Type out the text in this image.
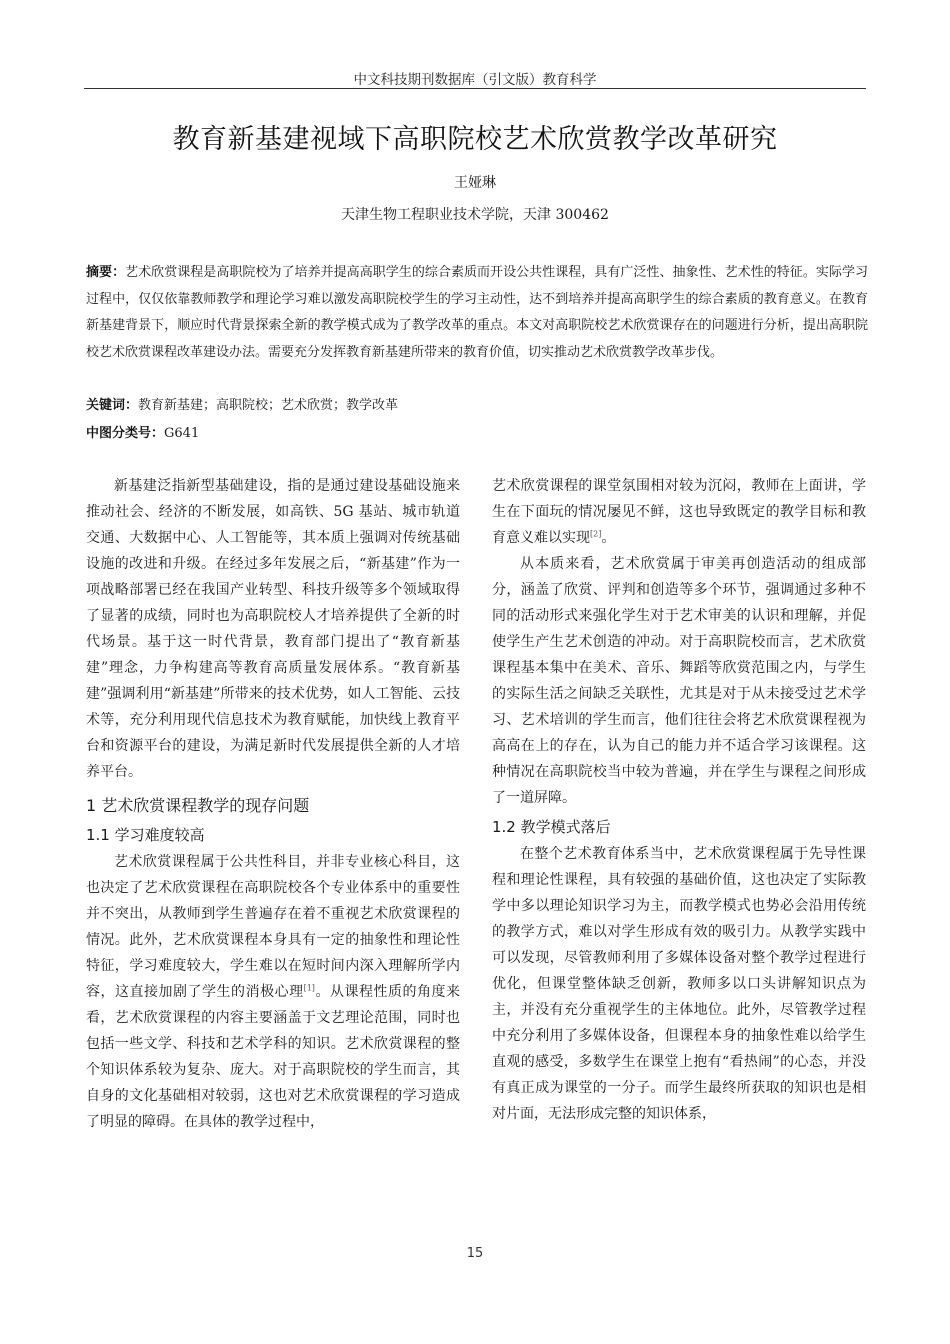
中文科技期刊数据库（引文版）教育科学
教育新基建视域下高职院校艺术欣赏教学改革研究
王娅琳
天津生物工程职业技术学院，天津 300462
摘要：艺术欣赏课程是高职院校为了培养并提高高职学生的综合素质而开设公共性课程，具有广泛性、抽象性、艺术性的特征。实际学习过程中，仅仅依靠教师教学和理论学习难以激发高职院校学生的学习主动性，达不到培养并提高高职学生的综合素质的教育意义。在教育新基建背景下，顺应时代背景探索全新的教学模式成为了教学改革的重点。本文对高职院校艺术欣赏课存在的问题进行分析，提出高职院校艺术欣赏课程改革建设办法。需要充分发挥教育新基建所带来的教育价值，切实推动艺术欣赏教学改革步伐。
关键词：教育新基建；高职院校；艺术欣赏；教学改革
中图分类号：G641

新基建泛指新型基础建设，指的是通过建设基础设施来推动社会、经济的不断发展，如高铁、5G 基站、城市轨道交通、大数据中心、人工智能等，其本质上强调对传统基础设施的改进和升级。在经过多年发展之后，“新基建”作为一项战略部署已经在我国产业转型、科技升级等多个领域取得了显著的成绩，同时也为高职院校人才培养提供了全新的时代场景。基于这一时代背景，教育部门提出了“教育新基建”理念，力争构建高等教育高质量发展体系。“教育新基建”强调利用“新基建”所带来的技术优势，如人工智能、云技术等，充分利用现代信息技术为教育赋能，加快线上教育平台和资源平台的建设，为满足新时代发展提供全新的人才培养平台。

1 艺术欣赏课程教学的现存问题
1.1 学习难度较高

艺术欣赏课程属于公共性科目，并非专业核心科目，这也决定了艺术欣赏课程在高职院校各个专业体系中的重要性并不突出，从教师到学生普遍存在着不重视艺术欣赏课程的情况。此外，艺术欣赏课程本身具有一定的抽象性和理论性特征，学习难度较大，学生难以在短时间内深入理解所学内容，这直接加剧了学生的消极心理[1]。从课程性质的角度来看，艺术欣赏课程的内容主要涵盖于文艺理论范围，同时也包括一些文学、科技和艺术学科的知识。艺术欣赏课程的整个知识体系较为复杂、庞大。对于高职院校的学生而言，其自身的文化基础相对较弱，这也对艺术欣赏课程的学习造成了明显的障碍。在具体的教学过程中，

艺术欣赏课程的课堂氛围相对较为沉闷，教师在上面讲，学生在下面玩的情况屡见不鲜，这也导致既定的教学目标和教育意义难以实现[2]。

从本质来看，艺术欣赏属于审美再创造活动的组成部分，涵盖了欣赏、评判和创造等多个环节，强调通过多种不同的活动形式来强化学生对于艺术审美的认识和理解，并促使学生产生艺术创造的冲动。对于高职院校而言，艺术欣赏课程基本集中在美术、音乐、舞蹈等欣赏范围之内，与学生的实际生活之间缺乏关联性，尤其是对于从未接受过艺术学习、艺术培训的学生而言，他们往往会将艺术欣赏课程视为高高在上的存在，认为自己的能力并不适合学习该课程。这种情况在高职院校当中较为普遍，并在学生与课程之间形成了一道屏障。

1.2 教学模式落后

在整个艺术教育体系当中，艺术欣赏课程属于先导性课程和理论性课程，具有较强的基础价值，这也决定了实际教学中多以理论知识学习为主，而教学模式也势必会沿用传统的教学方式，难以对学生形成有效的吸引力。从教学实践中可以发现，尽管教师利用了多媒体设备对整个教学过程进行优化，但课堂整体缺乏创新，教师多以口头讲解知识点为主，并没有充分重视学生的主体地位。此外，尽管教学过程中充分利用了多媒体设备，但课程本身的抽象性难以给学生直观的感受，多数学生在课堂上抱有“看热闹”的心态，并没有真正成为课堂的一分子。而学生最终所获取的知识也是相对片面，无法形成完整的知识体系，

15
